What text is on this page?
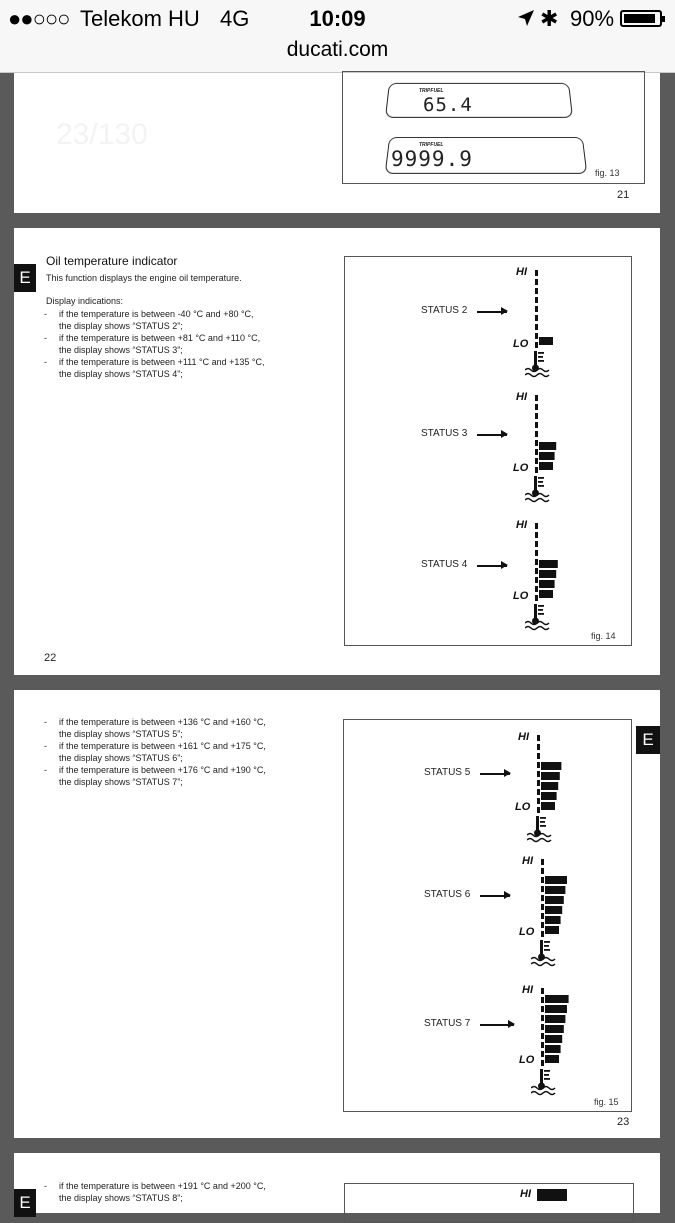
●●○○○ Telekom HU 4G	10:09	✱ 90%
ducati.com
23/130
TRIPFUEL
65.4
TRIPFUEL
9999.9
fig. 13
21
E
Oil temperature indicator
This function displays the engine oil temperature.
Display indications:
- if the temperature is between -40 °C and +80 °C,
the display shows “STATUS 2”;
- if the temperature is between +81 °C and +110 °C,
the display shows “STATUS 3”;
- if the temperature is between +111 °C and +135 °C,
the display shows “STATUS 4”;
STATUS 2
HI
LO
STATUS 3
HI
LO
STATUS 4
HI
LO
fig. 14
22
E
- if the temperature is between +136 °C and +160 °C,
the display shows “STATUS 5”;
- if the temperature is between +161 °C and +175 °C,
the display shows “STATUS 6”;
- if the temperature is between +176 °C and +190 °C,
the display shows “STATUS 7”;
STATUS 5
HI
LO
STATUS 6
HI
LO
STATUS 7
HI
LO
fig. 15
23
E
- if the temperature is between +191 °C and +200 °C,
the display shows “STATUS 8”;	HI
